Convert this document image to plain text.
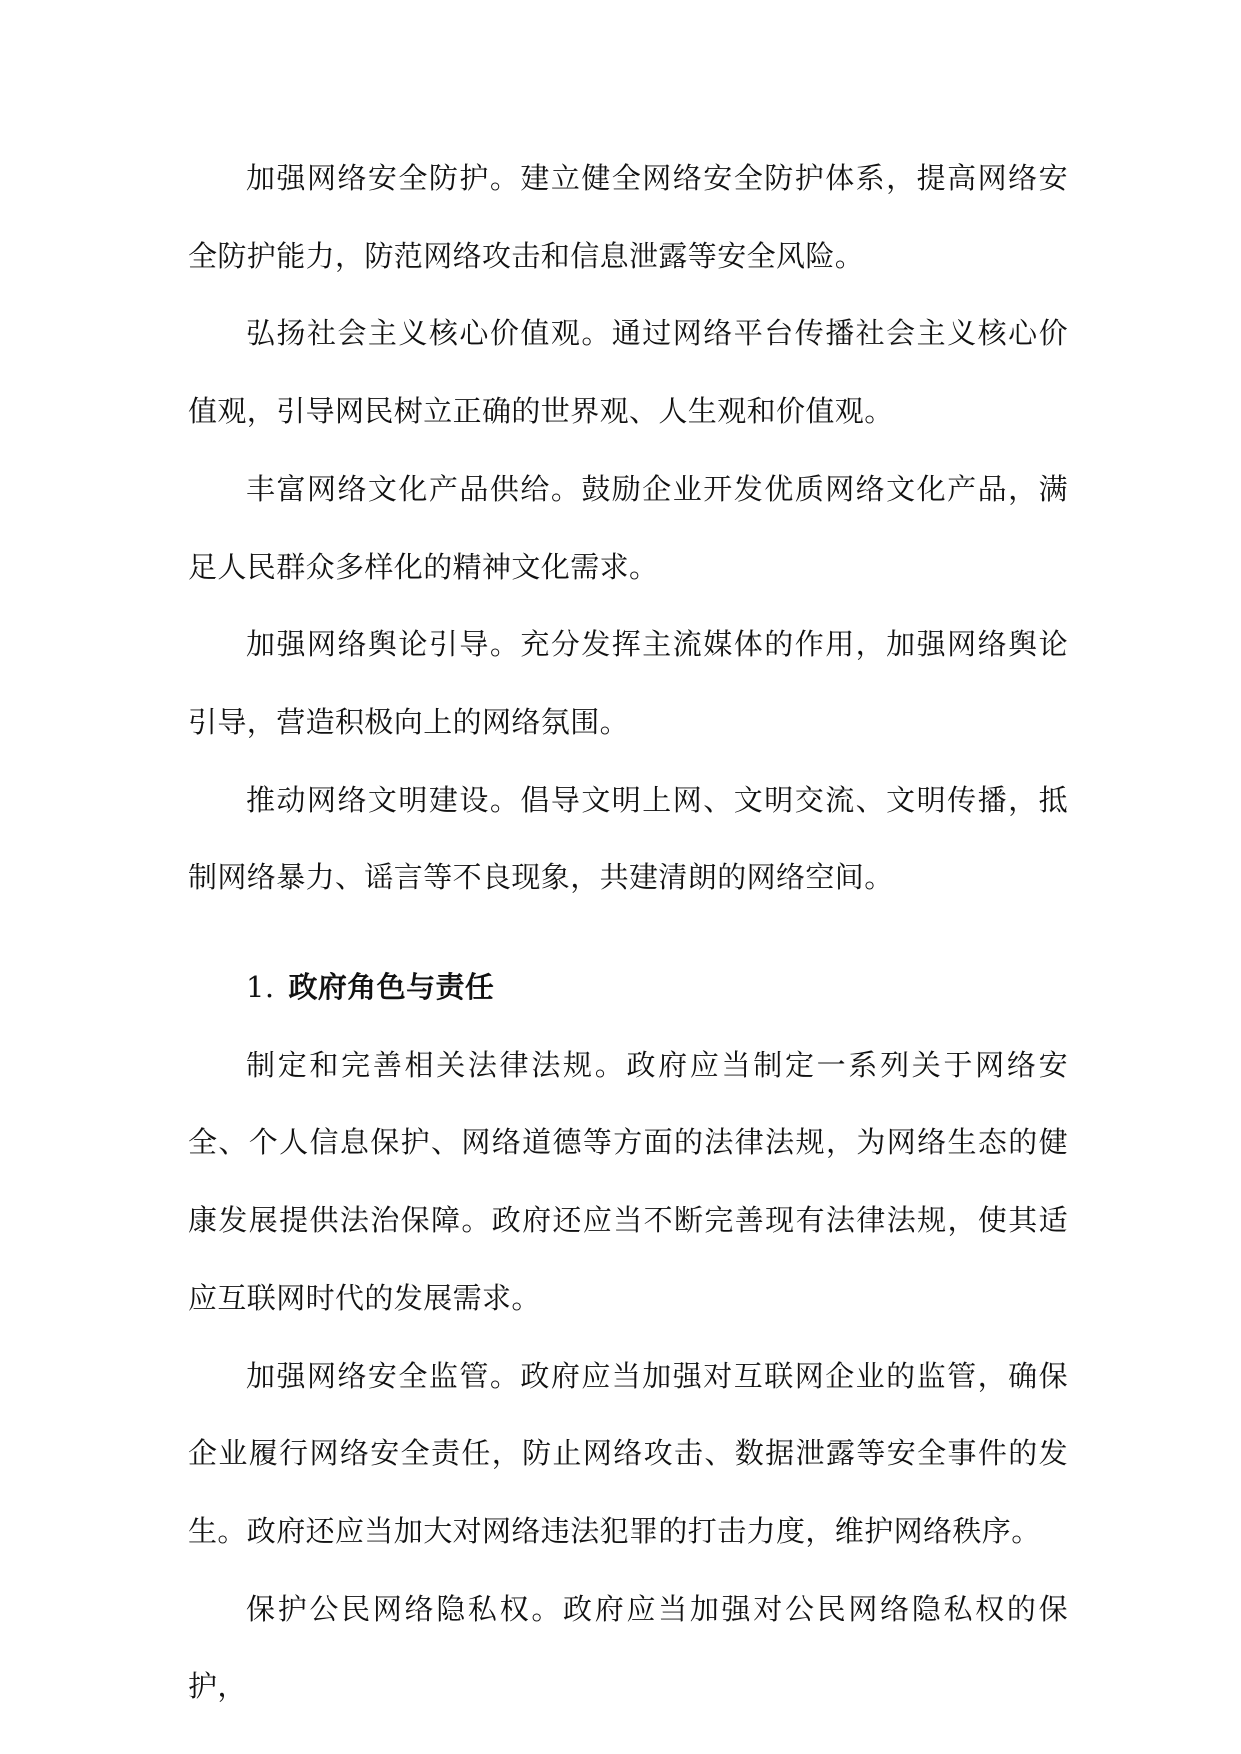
加强网络安全防护。建立健全网络安全防护体系，提高网络安全防护能力，防范网络攻击和信息泄露等安全风险。

弘扬社会主义核心价值观。通过网络平台传播社会主义核心价值观，引导网民树立正确的世界观、人生观和价值观。

丰富网络文化产品供给。鼓励企业开发优质网络文化产品，满足人民群众多样化的精神文化需求。

加强网络舆论引导。充分发挥主流媒体的作用，加强网络舆论引导，营造积极向上的网络氛围。

推动网络文明建设。倡导文明上网、文明交流、文明传播，抵制网络暴力、谣言等不良现象，共建清朗的网络空间。

1. 政府角色与责任

制定和完善相关法律法规。政府应当制定一系列关于网络安全、个人信息保护、网络道德等方面的法律法规，为网络生态的健康发展提供法治保障。政府还应当不断完善现有法律法规，使其适应互联网时代的发展需求。

加强网络安全监管。政府应当加强对互联网企业的监管，确保企业履行网络安全责任，防止网络攻击、数据泄露等安全事件的发生。政府还应当加大对网络违法犯罪的打击力度，维护网络秩序。

保护公民网络隐私权。政府应当加强对公民网络隐私权的保护，
